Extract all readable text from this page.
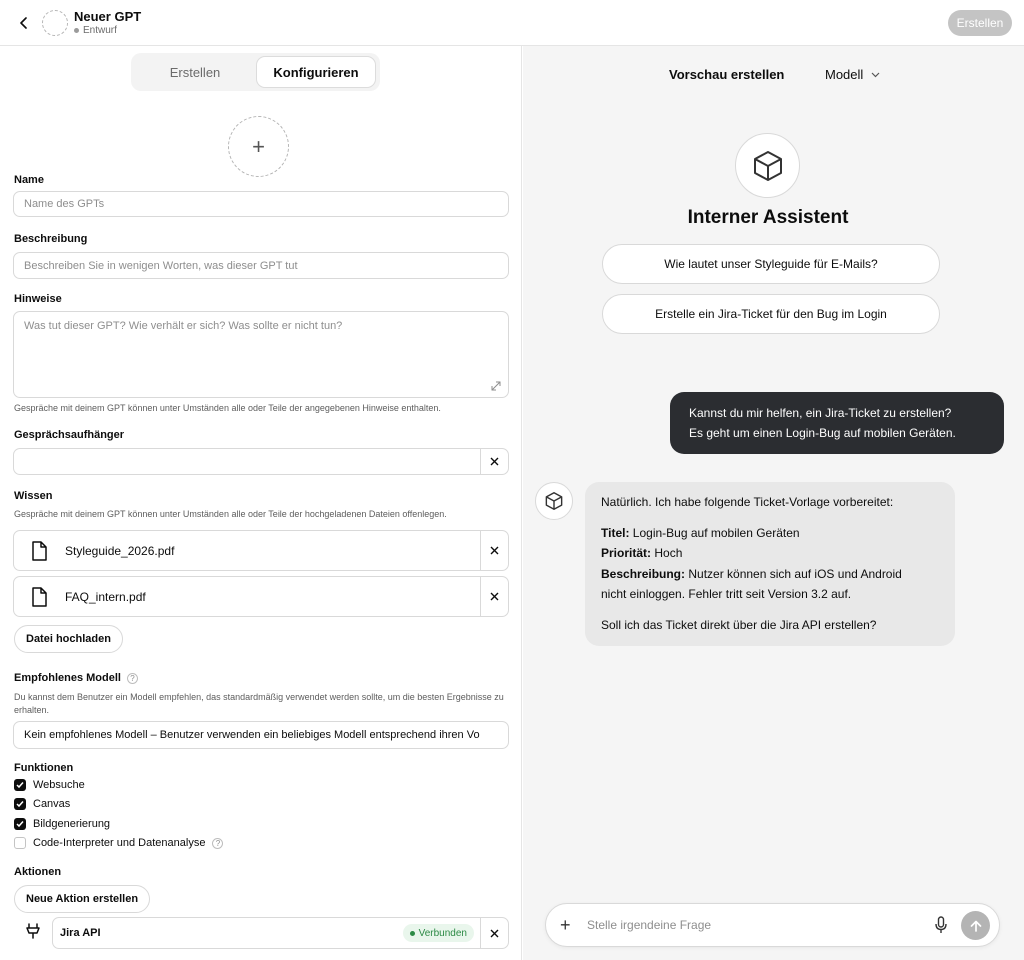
Neuer GPT
Entwurf
Erstellen
Erstellen	Konfigurieren
+
Name
Name des GPTs
Beschreibung
Beschreiben Sie in wenigen Worten, was dieser GPT tut
Hinweise
Was tut dieser GPT? Wie verhält er sich? Was sollte er nicht tun?
Gespräche mit deinem GPT können unter Umständen alle oder Teile der angegebenen Hinweise enthalten.
Gesprächsaufhänger
Wissen
Gespräche mit deinem GPT können unter Umständen alle oder Teile der hochgeladenen Dateien offenlegen.
Styleguide_2026.pdf
FAQ_intern.pdf
Datei hochladen
Empfohlenes Modell ?
Du kannst dem Benutzer ein Modell empfehlen, das standardmäßig verwendet werden sollte, um die besten Ergebnisse zu erhalten.
Kein empfohlenes Modell – Benutzer verwenden ein beliebiges Modell entsprechend ihren Vo
Funktionen
Websuche
Canvas
Bildgenerierung
Code-Interpreter und Datenanalyse	?
Aktionen
Neue Aktion erstellen
Jira API	Verbunden
Vorschau erstellen	Modell
Interner Assistent
Wie lautet unser Styleguide für E-Mails?
Erstelle ein Jira-Ticket für den Bug im Login
Kannst du mir helfen, ein Jira-Ticket zu erstellen?
Es geht um einen Login-Bug auf mobilen Geräten.

Natürlich. Ich habe folgende Ticket-Vorlage vorbereitet:

Titel: Login-Bug auf mobilen Geräten

Priorität: Hoch

Beschreibung: Nutzer können sich auf iOS und Android

nicht einloggen. Fehler tritt seit Version 3.2 auf.

Soll ich das Ticket direkt über die Jira API erstellen?

+ Stelle irgendeine Frage
